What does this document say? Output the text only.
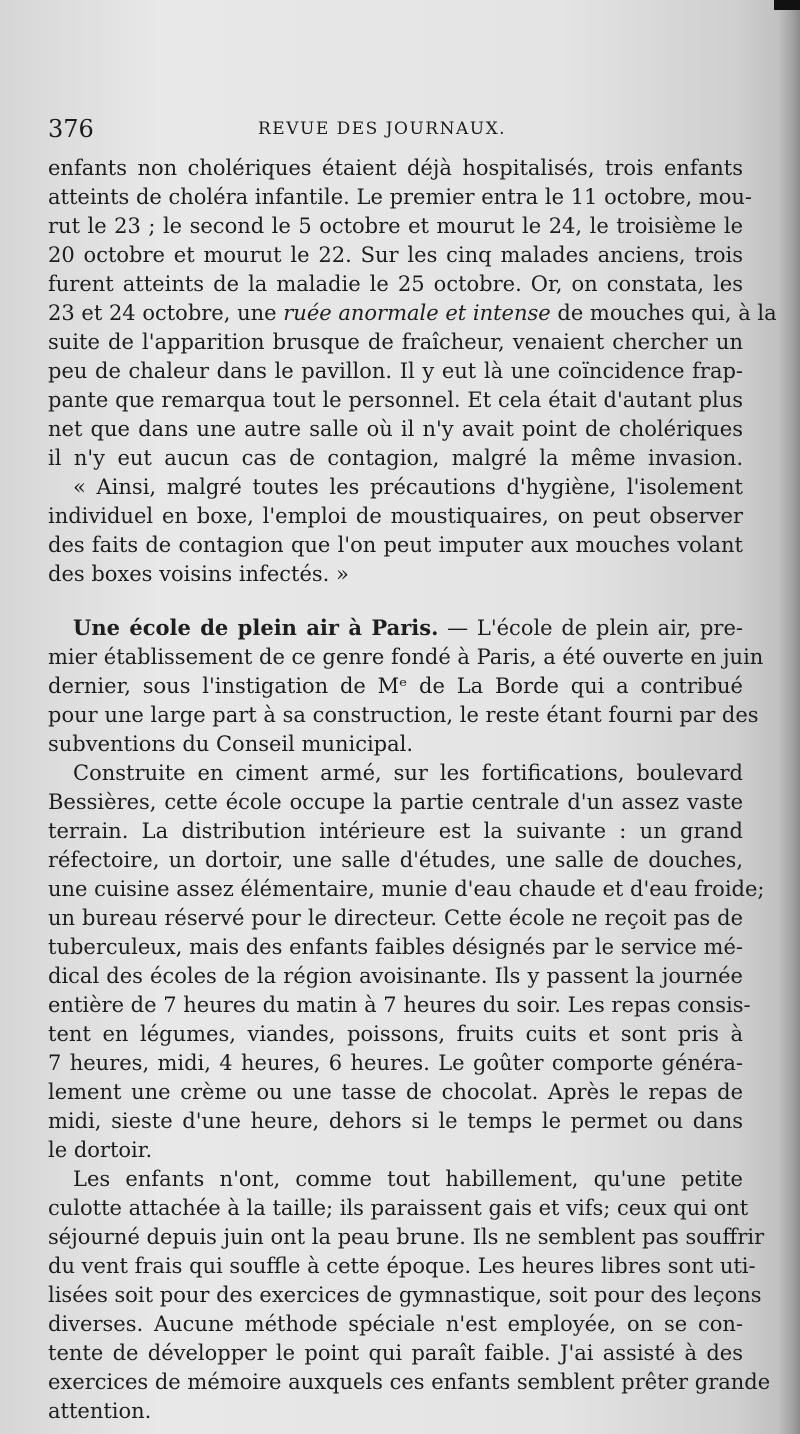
376	REVUE DES JOURNAUX.
enfants non cholériques étaient déjà hospitalisés, trois enfants
atteints de choléra infantile. Le premier entra le 11 octobre, mou-
rut le 23 ; le second le 5 octobre et mourut le 24, le troisième le
20 octobre et mourut le 22. Sur les cinq malades anciens, trois
furent atteints de la maladie le 25 octobre. Or, on constata, les
23 et 24 octobre, une ruée anormale et intense de mouches qui, à la
suite de l'apparition brusque de fraîcheur, venaient chercher un
peu de chaleur dans le pavillon. Il y eut là une coïncidence frap-
pante que remarqua tout le personnel. Et cela était d'autant plus
net que dans une autre salle où il n'y avait point de cholériques
il n'y eut aucun cas de contagion, malgré la même invasion.
« Ainsi, malgré toutes les précautions d'hygiène, l'isolement
individuel en boxe, l'emploi de moustiquaires, on peut observer
des faits de contagion que l'on peut imputer aux mouches volant
des boxes voisins infectés. »
Une école de plein air à Paris. — L'école de plein air, pre-
mier établissement de ce genre fondé à Paris, a été ouverte en juin
dernier, sous l'instigation de Mᵉ de La Borde qui a contribué
pour une large part à sa construction, le reste étant fourni par des
subventions du Conseil municipal.
Construite en ciment armé, sur les fortifications, boulevard
Bessières, cette école occupe la partie centrale d'un assez vaste
terrain. La distribution intérieure est la suivante : un grand
réfectoire, un dortoir, une salle d'études, une salle de douches,
une cuisine assez élémentaire, munie d'eau chaude et d'eau froide;
un bureau réservé pour le directeur. Cette école ne reçoit pas de
tuberculeux, mais des enfants faibles désignés par le service mé-
dical des écoles de la région avoisinante. Ils y passent la journée
entière de 7 heures du matin à 7 heures du soir. Les repas consis-
tent en légumes, viandes, poissons, fruits cuits et sont pris à
7 heures, midi, 4 heures, 6 heures. Le goûter comporte généra-
lement une crème ou une tasse de chocolat. Après le repas de
midi, sieste d'une heure, dehors si le temps le permet ou dans
le dortoir.
Les enfants n'ont, comme tout habillement, qu'une petite
culotte attachée à la taille; ils paraissent gais et vifs; ceux qui ont
séjourné depuis juin ont la peau brune. Ils ne semblent pas souffrir
du vent frais qui souffle à cette époque. Les heures libres sont uti-
lisées soit pour des exercices de gymnastique, soit pour des leçons
diverses. Aucune méthode spéciale n'est employée, on se con-
tente de développer le point qui paraît faible. J'ai assisté à des
exercices de mémoire auxquels ces enfants semblent prêter grande
attention.
